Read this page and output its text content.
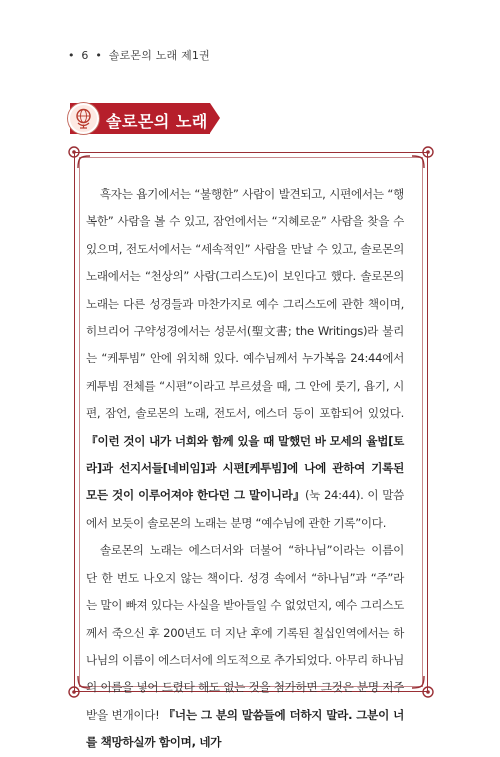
• 6 • 솔로몬의 노래 제1권
솔로몬의 노래

흑자는 욥기에서는 “불행한” 사람이 발견되고, 시편에서는 “행복한” 사람을 볼 수 있고, 잠언에서는 “지혜로운” 사람을 찾을 수 있으며, 전도서에서는 “세속적인” 사람을 만날 수 있고, 솔로몬의 노래에서는 “천상의” 사람(그리스도)이 보인다고 했다. 솔로몬의 노래는 다른 성경들과 마찬가지로 예수 그리스도에 관한 책이며, 히브리어 구약성경에서는 성문서(聖文書; the Writings)라 불리는 “케투빔” 안에 위치해 있다. 예수님께서 누가복음 24:44에서 케투빔 전체를 “시편”이라고 부르셨을 때, 그 안에 룻기, 욥기, 시편, 잠언, 솔로몬의 노래, 전도서, 에스더 등이 포함되어 있었다. 『이런 것이 내가 너희와 함께 있을 때 말했던 바 모세의 율법[토라]과 선지서들[네비임]과 시편[케투빔]에 나에 관하여 기록된 모든 것이 이루어져야 한다던 그 말이니라』(눅 24:44). 이 말씀에서 보듯이 솔로몬의 노래는 분명 “예수님에 관한 기록”이다.

솔로몬의 노래는 에스더서와 더불어 “하나님”이라는 이름이 단 한 번도 나오지 않는 책이다. 성경 속에서 “하나님”과 “주”라는 말이 빠져 있다는 사실을 받아들일 수 없었던지, 예수 그리스도께서 죽으신 후 200년도 더 지난 후에 기록된 칠십인역에서는 하나님의 이름이 에스더서에 의도적으로 추가되었다. 아무리 하나님의 이름을 넣어 드렸다 해도 없는 것을 첨가하면 그것은 분명 저주받을 변개이다! 『너는 그 분의 말씀들에 더하지 말라. 그분이 너를 책망하실까 함이며, 네가
